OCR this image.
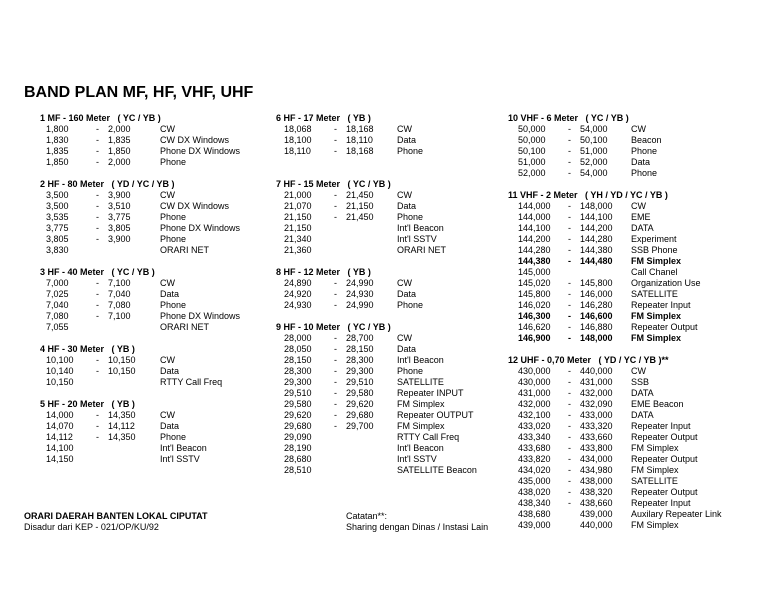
BAND PLAN MF, HF, VHF, UHF
1 MF - 160 Meter   ( YC / YB )
1,800	- 2,000	CW
1,830	- 1,835	CW DX Windows
1,835	- 1,850	Phone DX Windows
1,850	- 2,000	Phone
2 HF - 80 Meter   ( YD / YC / YB )
3,500	- 3,900	CW
3,500	- 3,510	CW DX Windows
3,535	- 3,775	Phone
3,775	- 3,805	Phone DX Windows
3,805	- 3,900	Phone
3,830	ORARI NET
3 HF - 40 Meter   ( YC / YB )
7,000	- 7,100	CW
7,025	- 7,040	Data
7,040	- 7,080	Phone
7,080	- 7,100	Phone DX Windows
7,055	ORARI NET
4 HF - 30 Meter   ( YB )
10,100 - 10,150	CW
10,140 - 10,150	Data
10,150	RTTY Call Freq
5 HF - 20 Meter   ( YB )
14,000 - 14,350	CW
14,070 - 14,112	Data
14,112	- 14,350	Phone
14,100	Int'l Beacon
14,150	Int'l SSTV
6 HF - 17 Meter   ( YB )
18,068 - 18,168	CW
18,100 - 18,110	Data
18,110	- 18,168	Phone
7 HF - 15 Meter   ( YC / YB )
21,000 - 21,450	CW
21,070 - 21,150	Data
21,150 - 21,450	Phone
21,150	Int'l Beacon
21,340	Int'l SSTV
21,360	ORARI NET
8 HF - 12 Meter   ( YB )
24,890 - 24,990	CW
24,920 - 24,930	Data
24,930 - 24,990	Phone
9 HF - 10 Meter   ( YC / YB )
28,000 - 28,700	CW
28,050 - 28,150	Data
28,150 - 28,300	Int'l Beacon
28,300 - 29,300	Phone
29,300 - 29,510	SATELLITE
29,510 - 29,580	Repeater INPUT
29,580 - 29,620	FM Simplex
29,620 - 29,680	Repeater OUTPUT
29,680 - 29,700	FM Simplex
29,090	RTTY Call Freq
28,190	Int'l Beacon
28,680	Int'l SSTV
28,510	SATELLITE Beacon
10 VHF - 6 Meter   ( YC / YB )
50,000 - 54,000	CW
50,000 - 50,100	Beacon
50,100 - 51,000	Phone
51,000 - 52,000	Data
52,000 - 54,000	Phone
11 VHF - 2 Meter   ( YH / YD / YC / YB )
144,000 - 148,000 CW
144,000 - 144,100 EME
144,100 - 144,200 DATA
144,200 - 144,280 Experiment
144,280 - 144,380 SSB Phone
144,380 - 144,480 FM Simplex
145,000	Call Chanel
145,020 - 145,800 Organization Use
145,800 - 146,000 SATELLITE
146,020 - 146,280 Repeater Input
146,300 - 146,600 FM Simplex
146,620 - 146,880 Repeater Output
146,900 - 148,000 FM Simplex
12 UHF - 0,70 Meter   ( YD / YC / YB )**
430,000 - 440,000 CW
430,000 - 431,000 SSB
431,000 - 432,000 DATA
432,000 - 432,090 EME Beacon
432,100 - 433,000 DATA
433,020 - 433,320 Repeater Input
433,340 - 433,660 Repeater Output
433,680 - 433,800 FM Simplex
433,820 - 434,000 Repeater Output
434,020 - 434,980 FM Simplex
435,000 - 438,000 SATELLITE
438,020 - 438,320 Repeater Output
438,340 - 438,660 Repeater Input
438,680	439,000 Auxilary Repeater Link
439,000	440,000 FM Simplex
ORARI DAERAH BANTEN LOKAL CIPUTAT
Disadur dari KEP - 021/OP/KU/92
Catatan**:
Sharing dengan Dinas / Instasi Lain
